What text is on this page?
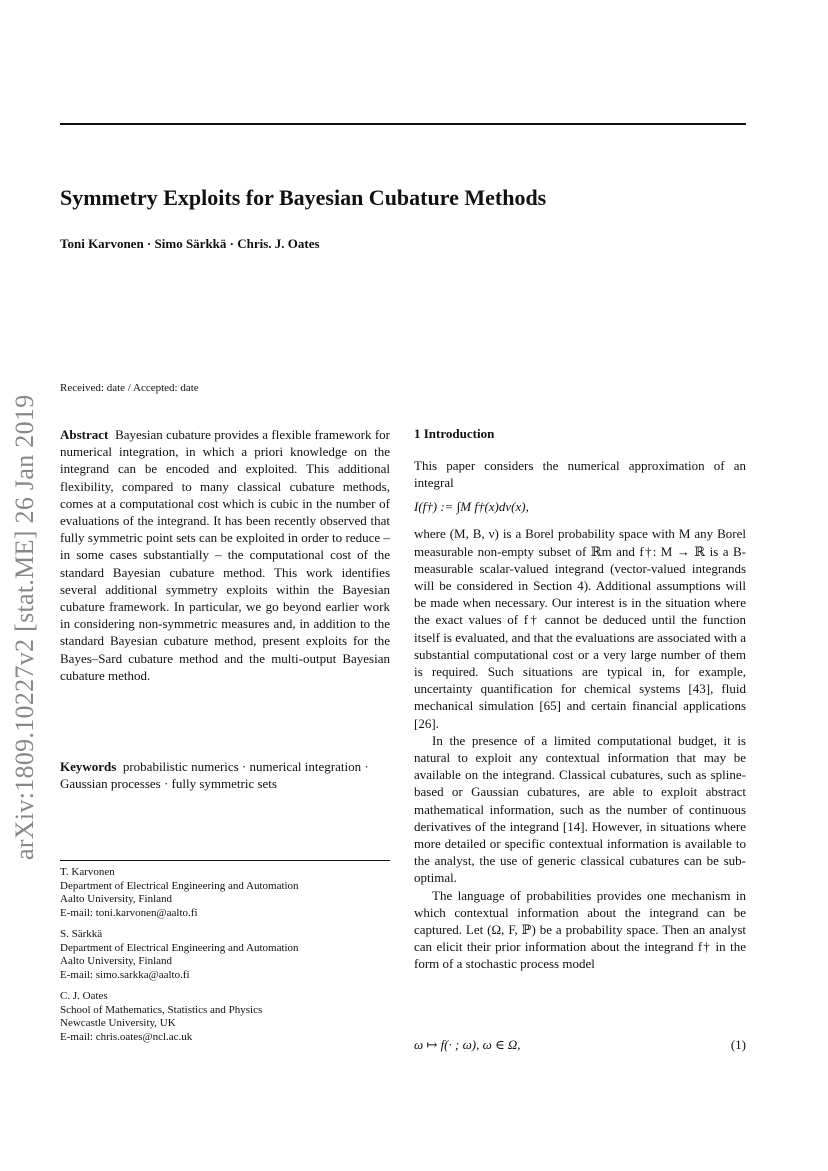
arXiv:1809.10227v2 [stat.ME] 26 Jan 2019
Symmetry Exploits for Bayesian Cubature Methods
Toni Karvonen · Simo Särkkä · Chris. J. Oates
Received: date / Accepted: date

Abstract Bayesian cubature provides a flexible framework for numerical integration, in which a priori knowledge on the integrand can be encoded and exploited. This additional flexibility, compared to many classical cubature methods, comes at a computational cost which is cubic in the number of evaluations of the integrand. It has been recently observed that fully symmetric point sets can be exploited in order to reduce – in some cases substantially – the computational cost of the standard Bayesian cubature method. This work identifies several additional symmetry exploits within the Bayesian cubature framework. In particular, we go beyond earlier work in considering non-symmetric measures and, in addition to the standard Bayesian cubature method, present exploits for the Bayes–Sard cubature method and the multi-output Bayesian cubature method.

Keywords probabilistic numerics · numerical integration · Gaussian processes · fully symmetric sets
T. Karvonen
Department of Electrical Engineering and Automation
Aalto University, Finland
E-mail: toni.karvonen@aalto.fi
S. Särkkä
Department of Electrical Engineering and Automation
Aalto University, Finland
E-mail: simo.sarkka@aalto.fi
C. J. Oates
School of Mathematics, Statistics and Physics
Newcastle University, UK
E-mail: chris.oates@ncl.ac.uk
1 Introduction

This paper considers the numerical approximation of an integral

I(f†) := ∫M f†(x)dν(x),

where (M, B, ν) is a Borel probability space with M any Borel measurable non-empty subset of ℝm and f†: M → ℝ is a B-measurable scalar-valued integrand (vector-valued integrands will be considered in Section 4). Additional assumptions will be made when necessary. Our interest is in the situation where the exact values of f† cannot be deduced until the function itself is evaluated, and that the evaluations are associated with a substantial computational cost or a very large number of them is required. Such situations are typical in, for example, uncertainty quantification for chemical systems [43], fluid mechanical simulation [65] and certain financial applications [26].

In the presence of a limited computational budget, it is natural to exploit any contextual information that may be available on the integrand. Classical cubatures, such as spline-based or Gaussian cubatures, are able to exploit abstract mathematical information, such as the number of continuous derivatives of the integrand [14]. However, in situations where more detailed or specific contextual information is available to the analyst, the use of generic classical cubatures can be sub-optimal.

The language of probabilities provides one mechanism in which contextual information about the integrand can be captured. Let (Ω, F, ℙ) be a probability space. Then an analyst can elicit their prior information about the integrand f† in the form of a stochastic process model

ω ↦ f(· ; ω), ω ∈ Ω,	(1)
